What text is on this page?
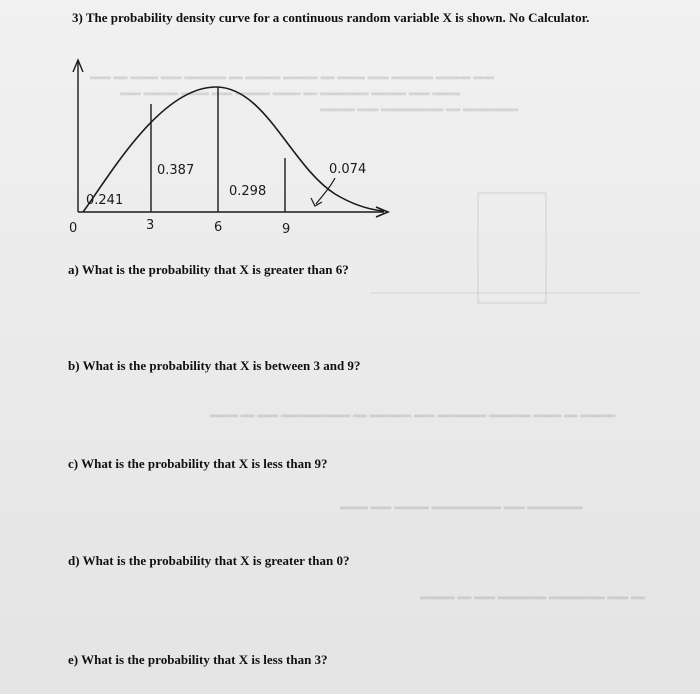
3) The probability density curve for a continuous random variable X is shown. No Calculator.
0.241
0.387
0.298
0.074
0	3	6	9
a) What is the probability that X is greater than 6?
b) What is the probability that X is between 3 and 9?
c) What is the probability that X is less than 9?
d) What is the probability that X is greater than 0?
e) What is the probability that X is less than 3?
